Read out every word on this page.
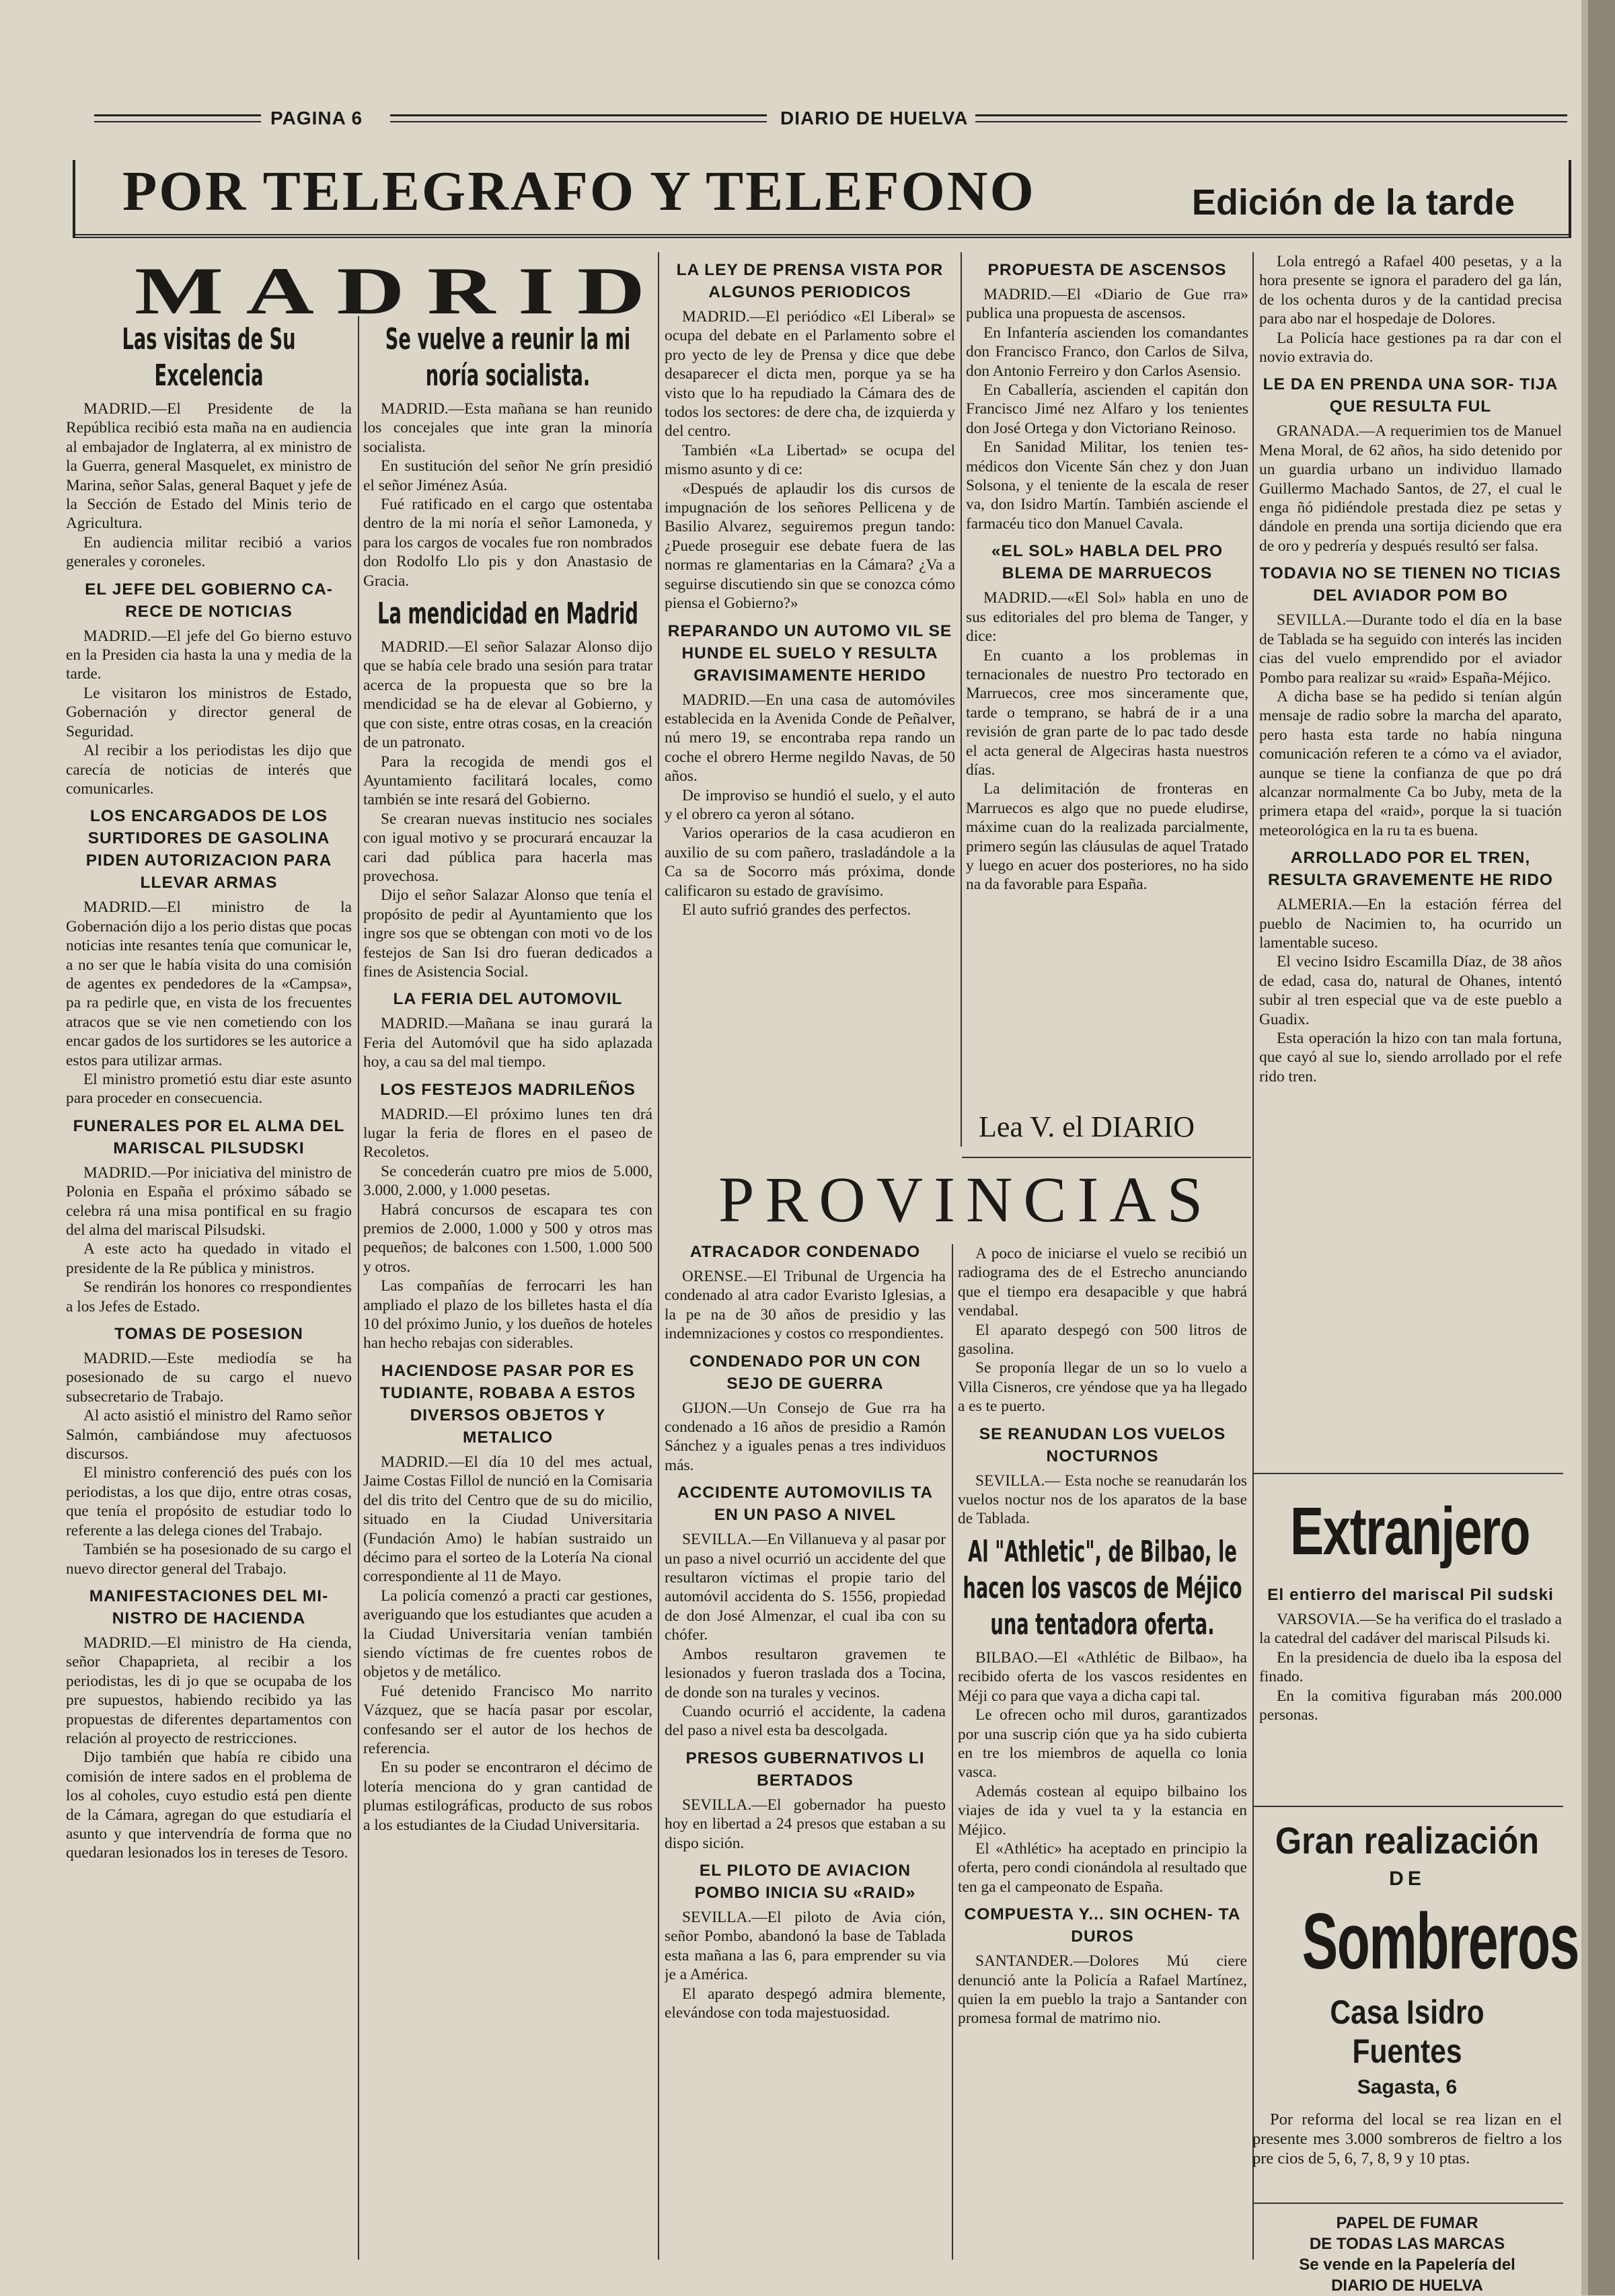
PAGINA 6	DIARIO DE HUELVA
POR TELEGRAFO Y TELEFONO	Edición de la tarde
MADRID
Las visitas de Su Excelencia

MADRID.—El Presidente de la República recibió esta maña na en audiencia al embajador de Inglaterra, al ex ministro de la Guerra, general Masquelet, ex ministro de Marina, señor Salas, general Baquet y jefe de la Sección de Estado del Minis terio de Agricultura.

En audiencia militar recibió a varios generales y coroneles.

EL JEFE DEL GOBIERNO CA- RECE DE NOTICIAS

MADRID.—El jefe del Go bierno estuvo en la Presiden cia hasta la una y media de la tarde.

Le visitaron los ministros de Estado, Gobernación y director general de Seguridad.

Al recibir a los periodistas les dijo que carecía de noticias de interés que comunicarles.

LOS ENCARGADOS DE LOS SURTIDORES DE GASOLINA PIDEN AUTORIZACION PARA LLEVAR ARMAS

MADRID.—El ministro de la Gobernación dijo a los perio distas que pocas noticias inte resantes tenía que comunicar le, a no ser que le había visita do una comisión de agentes ex pendedores de la «Campsa», pa ra pedirle que, en vista de los frecuentes atracos que se vie nen cometiendo con los encar gados de los surtidores se les autorice a estos para utilizar armas.

El ministro prometió estu diar este asunto para proceder en consecuencia.

FUNERALES POR EL ALMA DEL MARISCAL PILSUDSKI

MADRID.—Por iniciativa del ministro de Polonia en España el próximo sábado se celebra rá una misa pontifical en su fragio del alma del mariscal Pilsudski.

A este acto ha quedado in vitado el presidente de la Re pública y ministros.

Se rendirán los honores co rrespondientes a los Jefes de Estado.

TOMAS DE POSESION

MADRID.—Este mediodía se ha posesionado de su cargo el nuevo subsecretario de Trabajo.

Al acto asistió el ministro del Ramo señor Salmón, cambiándose muy afectuosos discursos.

El ministro conferenció des pués con los periodistas, a los que dijo, entre otras cosas, que tenía el propósito de estudiar todo lo referente a las delega ciones del Trabajo.

También se ha posesionado de su cargo el nuevo director general del Trabajo.

MANIFESTACIONES DEL MI- NISTRO DE HACIENDA

MADRID.—El ministro de Ha cienda, señor Chapaprieta, al recibir a los periodistas, les di jo que se ocupaba de los pre supuestos, habiendo recibido ya las propuestas de diferentes departamentos con relación al proyecto de restricciones.

Dijo también que había re cibido una comisión de intere sados en el problema de los al coholes, cuyo estudio está pen diente de la Cámara, agregan do que estudiaría el asunto y que intervendría de forma que no quedaran lesionados los in tereses de Tesoro.

Se vuelve a reunir la mi noría socialista.

MADRID.—Esta mañana se han reunido los concejales que inte gran la minoría socialista.

En sustitución del señor Ne grín presidió el señor Jiménez Asúa.

Fué ratificado en el cargo que ostentaba dentro de la mi noría el señor Lamoneda, y para los cargos de vocales fue ron nombrados don Rodolfo Llo pis y don Anastasio de Gracia.

La mendicidad en Madrid

MADRID.—El señor Salazar Alonso dijo que se había cele brado una sesión para tratar acerca de la propuesta que so bre la mendicidad se ha de elevar al Gobierno, y que con siste, entre otras cosas, en la creación de un patronato.

Para la recogida de mendi gos el Ayuntamiento facilitará locales, como también se inte resará del Gobierno.

Se crearan nuevas institucio nes sociales con igual motivo y se procurará encauzar la cari dad pública para hacerla mas provechosa.

Dijo el señor Salazar Alonso que tenía el propósito de pedir al Ayuntamiento que los ingre sos que se obtengan con moti vo de los festejos de San Isi dro fueran dedicados a fines de Asistencia Social.

LA FERIA DEL AUTOMOVIL

MADRID.—Mañana se inau gurará la Feria del Automóvil que ha sido aplazada hoy, a cau sa del mal tiempo.

LOS FESTEJOS MADRILEÑOS

MADRID.—El próximo lunes ten drá lugar la feria de flores en el paseo de Recoletos.

Se concederán cuatro pre mios de 5.000, 3.000, 2.000, y 1.000 pesetas.

Habrá concursos de escapara tes con premios de 2.000, 1.000 y 500 y otros mas pequeños; de balcones con 1.500, 1.000 500 y otros.

Las compañías de ferrocarri les han ampliado el plazo de los billetes hasta el día 10 del próximo Junio, y los dueños de hoteles han hecho rebajas con siderables.

HACIENDOSE PASAR POR ES TUDIANTE, ROBABA A ESTOS DIVERSOS OBJETOS Y METALICO

MADRID.—El día 10 del mes actual, Jaime Costas Fillol de nunció en la Comisaria del dis trito del Centro que de su do micilio, situado en la Ciudad Universitaria (Fundación Amo) le habían sustraido un décimo para el sorteo de la Lotería Na cional correspondiente al 11 de Mayo.

La policía comenzó a practi car gestiones, averiguando que los estudiantes que acuden a la Ciudad Universitaria venían también siendo víctimas de fre cuentes robos de objetos y de metálico.

Fué detenido Francisco Mo narrito Vázquez, que se hacía pasar por escolar, confesando ser el autor de los hechos de referencia.

En su poder se encontraron el décimo de lotería menciona do y gran cantidad de plumas estilográficas, producto de sus robos a los estudiantes de la Ciudad Universitaria.

LA LEY DE PRENSA VISTA POR ALGUNOS PERIODICOS

MADRID.—El periódico «El Liberal» se ocupa del debate en el Parlamento sobre el pro yecto de ley de Prensa y dice que debe desaparecer el dicta men, porque ya se ha visto que lo ha repudiado la Cámara des de todos los sectores: de dere cha, de izquierda y del centro.

También «La Libertad» se ocupa del mismo asunto y di ce:

«Después de aplaudir los dis cursos de impugnación de los señores Pellicena y de Basilio Alvarez, seguiremos pregun tando: ¿Puede proseguir ese debate fuera de las normas re glamentarias en la Cámara? ¿Va a seguirse discutiendo sin que se conozca cómo piensa el Gobierno?»

REPARANDO UN AUTOMO VIL SE HUNDE EL SUELO Y RESULTA GRAVISIMAMENTE HERIDO

MADRID.—En una casa de automóviles establecida en la Avenida Conde de Peñalver, nú mero 19, se encontraba repa rando un coche el obrero Herme negildo Navas, de 50 años.

De improviso se hundió el suelo, y el auto y el obrero ca yeron al sótano.

Varios operarios de la casa acudieron en auxilio de su com pañero, trasladándole a la Ca sa de Socorro más próxima, donde calificaron su estado de gravísimo.

El auto sufrió grandes des perfectos.

PROPUESTA DE ASCENSOS

MADRID.—El «Diario de Gue rra» publica una propuesta de ascensos.

En Infantería ascienden los comandantes don Francisco Franco, don Carlos de Silva, don Antonio Ferreiro y don Carlos Asensio.

En Caballería, ascienden el capitán don Francisco Jimé nez Alfaro y los tenientes don José Ortega y don Victoriano Reinoso.

En Sanidad Militar, los tenien tes-médicos don Vicente Sán chez y don Juan Solsona, y el teniente de la escala de reser va, don Isidro Martín. También asciende el farmacéu tico don Manuel Cavala.

«EL SOL» HABLA DEL PRO BLEMA DE MARRUECOS

MADRID.—«El Sol» habla en uno de sus editoriales del pro blema de Tanger, y dice:

En cuanto a los problemas in ternacionales de nuestro Pro tectorado en Marruecos, cree mos sinceramente que, tarde o temprano, se habrá de ir a una revisión de gran parte de lo pac tado desde el acta general de Algeciras hasta nuestros días.

La delimitación de fronteras en Marruecos es algo que no puede eludirse, máxime cuan do la realizada parcialmente, primero según las cláusulas de aquel Tratado y luego en acuer dos posteriores, no ha sido na da favorable para España.

Lola entregó a Rafael 400 pesetas, y a la hora presente se ignora el paradero del ga lán, de los ochenta duros y de la cantidad precisa para abo nar el hospedaje de Dolores.

La Policía hace gestiones pa ra dar con el novio extravia do.

LE DA EN PRENDA UNA SOR- TIJA QUE RESULTA FUL

GRANADA.—A requerimien tos de Manuel Mena Moral, de 62 años, ha sido detenido por un guardia urbano un individuo llamado Guillermo Machado Santos, de 27, el cual le enga ñó pidiéndole prestada diez pe setas y dándole en prenda una sortija diciendo que era de oro y pedrería y después resultó ser falsa.

TODAVIA NO SE TIENEN NO TICIAS DEL AVIADOR POM BO

SEVILLA.—Durante todo el día en la base de Tablada se ha seguido con interés las inciden cias del vuelo emprendido por el aviador Pombo para realizar su «raid» España-Méjico.

A dicha base se ha pedido si tenían algún mensaje de radio sobre la marcha del aparato, pero hasta esta tarde no había ninguna comunicación referen te a cómo va el aviador, aunque se tiene la confianza de que po drá alcanzar normalmente Ca bo Juby, meta de la primera etapa del «raid», porque la si tuación meteorológica en la ru ta es buena.

ARROLLADO POR EL TREN, RESULTA GRAVEMENTE HE RIDO

ALMERIA.—En la estación férrea del pueblo de Nacimien to, ha ocurrido un lamentable suceso.

El vecino Isidro Escamilla Díaz, de 38 años de edad, casa do, natural de Ohanes, intentó subir al tren especial que va de este pueblo a Guadix.

Esta operación la hizo con tan mala fortuna, que cayó al sue lo, siendo arrollado por el refe rido tren.

El entierro del mariscal Pil sudski

VARSOVIA.—Se ha verifica do el traslado a la catedral del cadáver del mariscal Pilsuds ki.

En la presidencia de duelo iba la esposa del finado.

En la comitiva figuraban más 200.000 personas.

ATRACADOR CONDENADO

ORENSE.—El Tribunal de Urgencia ha condenado al atra cador Evaristo Iglesias, a la pe na de 30 años de presidio y las indemnizaciones y costos co rrespondientes.

CONDENADO POR UN CON SEJO DE GUERRA

GIJON.—Un Consejo de Gue rra ha condenado a 16 años de presidio a Ramón Sánchez y a iguales penas a tres individuos más.

ACCIDENTE AUTOMOVILIS TA EN UN PASO A NIVEL

SEVILLA.—En Villanueva y al pasar por un paso a nivel ocurrió un accidente del que resultaron víctimas el propie tario del automóvil accidenta do S. 1556, propiedad de don José Almenzar, el cual iba con su chófer.

Ambos resultaron gravemen te lesionados y fueron traslada dos a Tocina, de donde son na turales y vecinos.

Cuando ocurrió el accidente, la cadena del paso a nivel esta ba descolgada.

PRESOS GUBERNATIVOS LI BERTADOS

SEVILLA.—El gobernador ha puesto hoy en libertad a 24 presos que estaban a su dispo sición.

EL PILOTO DE AVIACION POMBO INICIA SU «RAID»

SEVILLA.—El piloto de Avia ción, señor Pombo, abandonó la base de Tablada esta mañana a las 6, para emprender su via je a América.

El aparato despegó admira blemente, elevándose con toda majestuosidad.

A poco de iniciarse el vuelo se recibió un radiograma des de el Estrecho anunciando que el tiempo era desapacible y que habrá vendabal.

El aparato despegó con 500 litros de gasolina.

Se proponía llegar de un so lo vuelo a Villa Cisneros, cre yéndose que ya ha llegado a es te puerto.

SE REANUDAN LOS VUELOS NOCTURNOS

SEVILLA.— Esta noche se reanudarán los vuelos noctur nos de los aparatos de la base de Tablada.

Al "Athletic", de Bilbao, le hacen los vascos de Méjico una tentadora oferta.

BILBAO.—El «Athlétic de Bilbao», ha recibido oferta de los vascos residentes en Méji co para que vaya a dicha capi tal.

Le ofrecen ocho mil duros, garantizados por una suscrip ción que ya ha sido cubierta en tre los miembros de aquella co lonia vasca.

Además costean al equipo bilbaino los viajes de ida y vuel ta y la estancia en Méjico.

El «Athlétic» ha aceptado en principio la oferta, pero condi cionándola al resultado que ten ga el campeonato de España.

COMPUESTA Y... SIN OCHEN- TA DUROS

SANTANDER.—Dolores Mú ciere denunció ante la Policía a Rafael Martínez, quien la em pueblo la trajo a Santander con promesa formal de matrimo nio.

Lea V. el DIARIO
PROVINCIAS
Extranjero
Gran realización
DE
Sombreros
Casa Isidro Fuentes
Sagasta, 6
Por reforma del local se rea lizan en el presente mes 3.000 sombreros de fieltro a los pre cios de 5, 6, 7, 8, 9 y 10 ptas.
PAPEL DE FUMAR
DE TODAS LAS MARCAS
Se vende en la Papelería del
DIARIO DE HUELVA
